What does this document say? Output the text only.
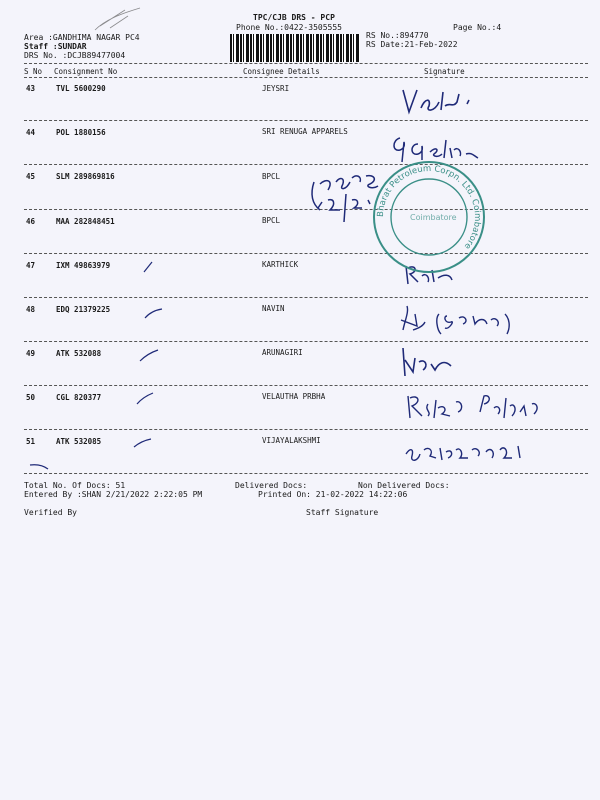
TPC/CJB DRS - PCP
Phone No.:0422-3505555	Page No.:4
Area :GANDHIMA NAGAR PC4
Staff :SUNDAR
DRS No. :DCJB89477004
RS No.:894770
RS Date:21-Feb-2022
S No Consignment No	Consignee Details	Signature
43	TVL 5600290	JEYSRI
44	POL 1880156	SRI RENUGA APPARELS
45	SLM 289869816	BPCL
46	MAA 282848451	BPCL
47	IXM 49863979	KARTHICK
48	EDQ 21379225	NAVIN
49	ATK 532088	ARUNAGIRI
50	CGL 820377	VELAUTHA PRBHA
51	ATK 532085	VIJAYALAKSHMI
Total No. Of Docs: 51	Delivered Docs:	Non Delivered Docs:
Entered By :SHAN 2/21/2022 2:22:05 PM	Printed On: 21-02-2022 14:22:06
Verified By	Staff Signature
Bharat Petroleum Corpn. Ltd. Coimbatore
Coimbatore
